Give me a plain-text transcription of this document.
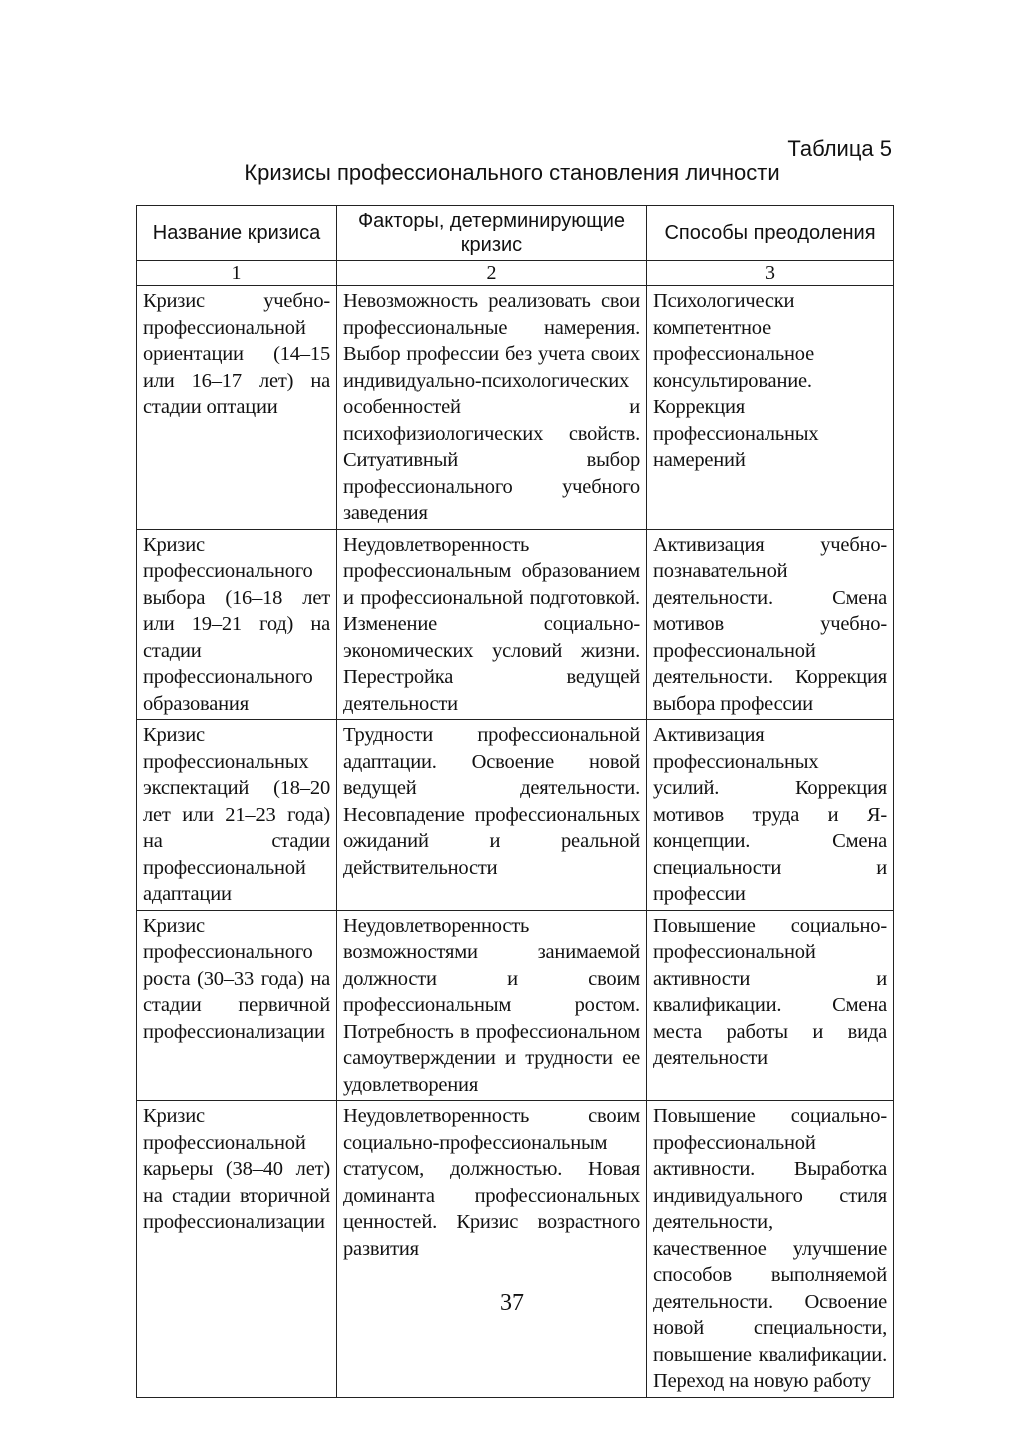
Таблица 5
Кризисы профессионального становления личности
Название кризиса	Факторы, детерминирующие кризис	Способы преодоления
1	2	3
Кризис учебно-профессиональной ориентации (14–15 или 16–17 лет) на стадии оптации	Невозможность реализовать свои профессиональные намерения. Выбор профессии без учета своих индивидуально-психологических особенностей и психофизиологических свойств. Ситуативный выбор профессионального учебного заведения	Психологически компетентное профессиональное консультирование. Коррекция профессиональных намерений
Кризис профессионального выбора (16–18 лет или 19–21 год) на стадии профессионального образования	Неудовлетворенность профессиональным образованием и профессиональной подготовкой. Изменение социально-экономических условий жизни. Перестройка ведущей деятельности	Активизация учебно-познавательной деятельности. Смена мотивов учебно-профессиональной деятельности. Коррекция выбора профессии
Кризис профессиональных экспектаций (18–20 лет или 21–23 года) на стадии профессиональной адаптации	Трудности профессиональной адаптации. Освоение новой ведущей деятельности. Несовпадение профессиональных ожиданий и реальной действительности	Активизация профессиональных усилий. Коррекция мотивов труда и Я-концепции. Смена специальности и профессии
Кризис профессионального роста (30–33 года) на стадии первичной профессионализации	Неудовлетворенность возможностями занимаемой должности и своим профессиональным ростом. Потребность в профессиональном самоутверждении и трудности ее удовлетворения	Повышение социально-профессиональной активности и квалификации. Смена места работы и вида деятельности
Кризис профессиональной карьеры (38–40 лет) на стадии вторичной профессионализации	Неудовлетворенность своим социально-профессиональным статусом, должностью. Новая доминанта профессиональных ценностей. Кризис возрастного развития	Повышение социально-профессиональной активности. Выработка индивидуального стиля деятельности, качественное улучшение способов выполняемой деятельности. Освоение новой специальности, повышение квалификации. Переход на новую работу
37
